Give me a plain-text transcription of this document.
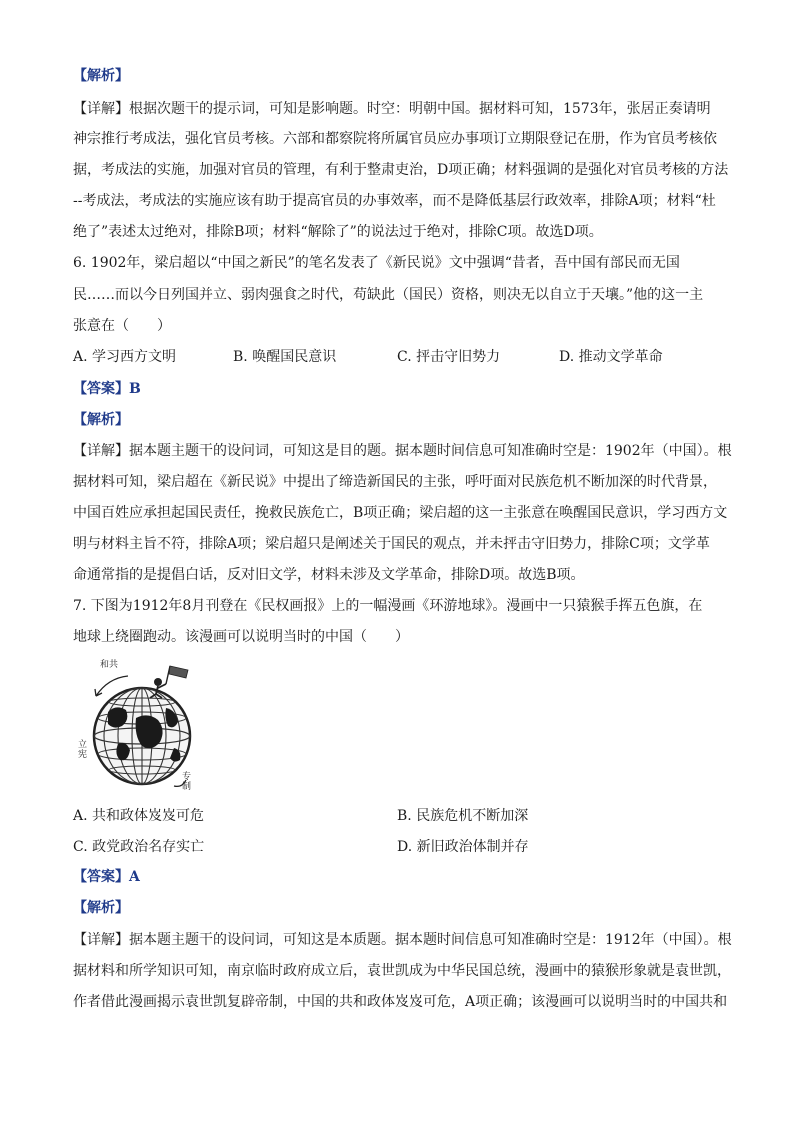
【解析】
【详解】根据次题干的提示词，可知是影响题。时空：明朝中国。据材料可知，1573年，张居正奏请明
神宗推行考成法，强化官员考核。六部和都察院将所属官员应办事项订立期限登记在册，作为官员考核依
据，考成法的实施，加强对官员的管理，有利于整肃吏治，D项正确；材料强调的是强化对官员考核的方法
--考成法，考成法的实施应该有助于提高官员的办事效率，而不是降低基层行政效率，排除A项；材料“杜
绝了”表述太过绝对，排除B项；材料“解除了”的说法过于绝对，排除C项。故选D项。
6. 1902年，梁启超以“中国之新民”的笔名发表了《新民说》文中强调“昔者，吾中国有部民而无国
民……而以今日列国并立、弱肉强食之时代，苟缺此（国民）资格，则决无以自立于天壤。”他的这一主
张意在（　　）
A. 学习西方文明	B. 唤醒国民意识	C. 抨击守旧势力	D. 推动文学革命
【答案】B
【解析】
【详解】据本题主题干的设问词，可知这是目的题。据本题时间信息可知准确时空是：1902年（中国）。根
据材料可知，梁启超在《新民说》中提出了缔造新国民的主张，呼吁面对民族危机不断加深的时代背景，
中国百姓应承担起国民责任，挽救民族危亡，B项正确；梁启超的这一主张意在唤醒国民意识，学习西方文
明与材料主旨不符，排除A项；梁启超只是阐述关于国民的观点，并未抨击守旧势力，排除C项；文学革
命通常指的是提倡白话，反对旧文学，材料未涉及文学革命，排除D项。故选B项。
7. 下图为1912年8月刊登在《民权画报》上的一幅漫画《环游地球》。漫画中一只猿猴手挥五色旗，在
地球上绕圈跑动。该漫画可以说明当时的中国（　　）
和共
立
宪
专
制
A. 共和政体岌岌可危	B. 民族危机不断加深
C. 政党政治名存实亡	D. 新旧政治体制并存
【答案】A
【解析】
【详解】据本题主题干的设问词，可知这是本质题。据本题时间信息可知准确时空是：1912年（中国）。根
据材料和所学知识可知，南京临时政府成立后，袁世凯成为中华民国总统，漫画中的猿猴形象就是袁世凯，
作者借此漫画揭示袁世凯复辟帝制，中国的共和政体岌岌可危，A项正确；该漫画可以说明当时的中国共和
